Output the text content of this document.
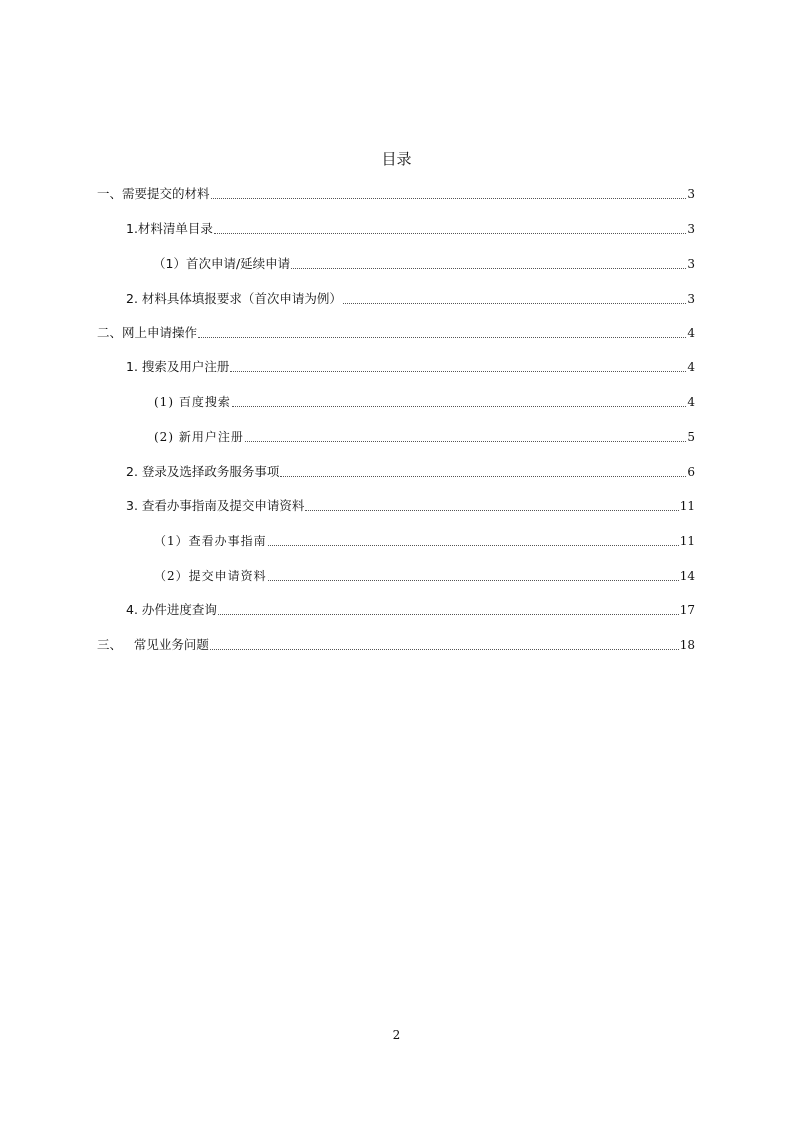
目录
一、需要提交的材料	3
1.材料清单目录	3
（1）首次申请/延续申请	3
2. 材料具体填报要求（首次申请为例）	3
二、网上申请操作	4
1. 搜索及用户注册	4
(1) 百度搜索	4
(2) 新用户注册	5
2. 登录及选择政务服务事项	6
3. 查看办事指南及提交申请资料	11
（1）查看办事指南	11
（2）提交申请资料	14
4. 办件进度查询	17
三、   常见业务问题	18
2
